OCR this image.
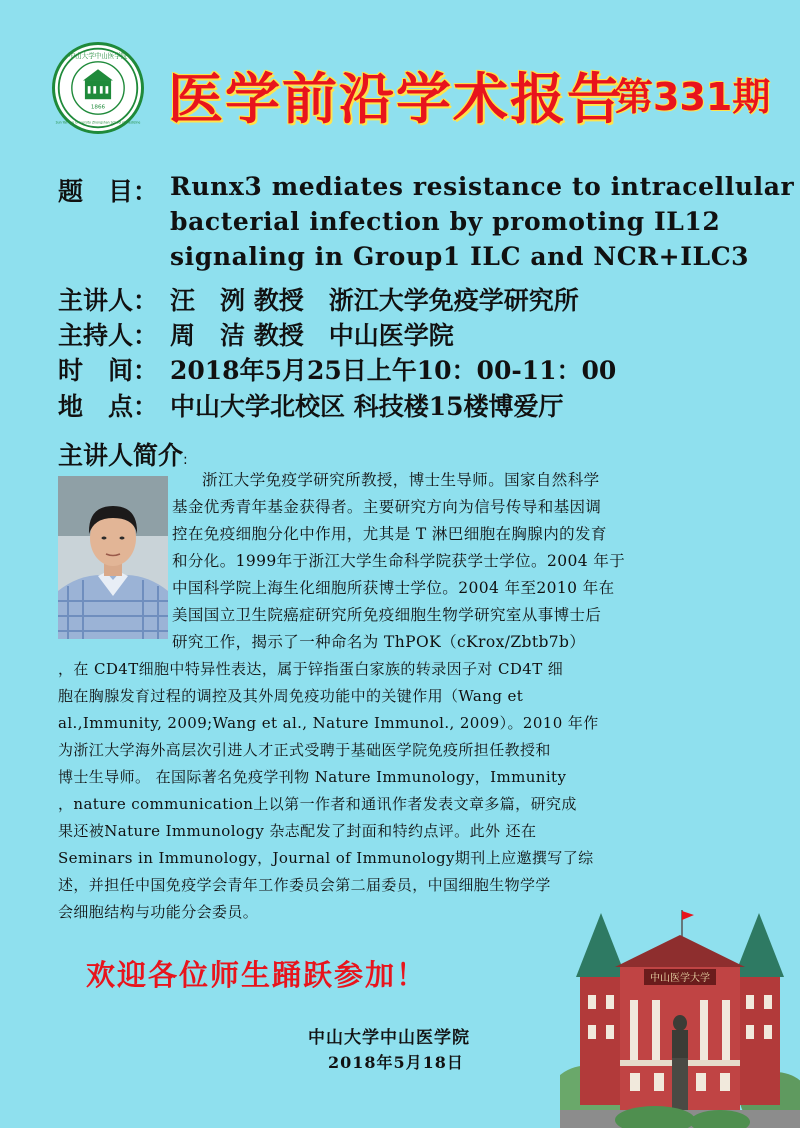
1866
中山大学中山医学院
Sun Yat-sen University Zhongshan School of Medicine 医学前沿学术报告
第331期
题　目： Runx3 mediates resistance to intracellular
bacterial infection by promoting IL12
signaling in Group1 ILC and NCR+ILC3
主讲人： 汪　洌 教授　浙江大学免疫学研究所
主持人： 周　洁 教授　中山医学院
时　间： 2018年5月25日上午10：00-11：00
地　点： 中山大学北校区 科技楼15楼博爱厅
主讲人简介:
浙江大学免疫学研究所教授，博士生导师。国家自然科学
基金优秀青年基金获得者。主要研究方向为信号传导和基因调
控在免疫细胞分化中作用，尤其是 T 淋巴细胞在胸腺内的发育
和分化。1999年于浙江大学生命科学院获学士学位。2004 年于
中国科学院上海生化细胞所获博士学位。2004 年至2010 年在
美国国立卫生院癌症研究所免疫细胞生物学研究室从事博士后
研究工作，揭示了一种命名为 ThPOK（cKrox/Zbtb7b）
，在 CD4T细胞中特异性表达，属于锌指蛋白家族的转录因子对 CD4T 细
胞在胸腺发育过程的调控及其外周免疫功能中的关键作用（Wang et
al.,Immunity, 2009;Wang et al., Nature Immunol., 2009）。2010 年作
为浙江大学海外高层次引进人才正式受聘于基础医学院免疫所担任教授和
博士生导师。 在国际著名免疫学刊物 Nature Immunology，Immunity
，nature communication上以第一作者和通讯作者发表文章多篇，研究成
果还被Nature Immunology 杂志配发了封面和特约点评。此外 还在
Seminars in Immunology，Journal of Immunology期刊上应邀撰写了综
述，并担任中国免疫学会青年工作委员会第二届委员，中国细胞生物学学
会细胞结构与功能分会委员。
中山医学大学
欢迎各位师生踊跃参加！
中山大学中山医学院
2018年5月18日
